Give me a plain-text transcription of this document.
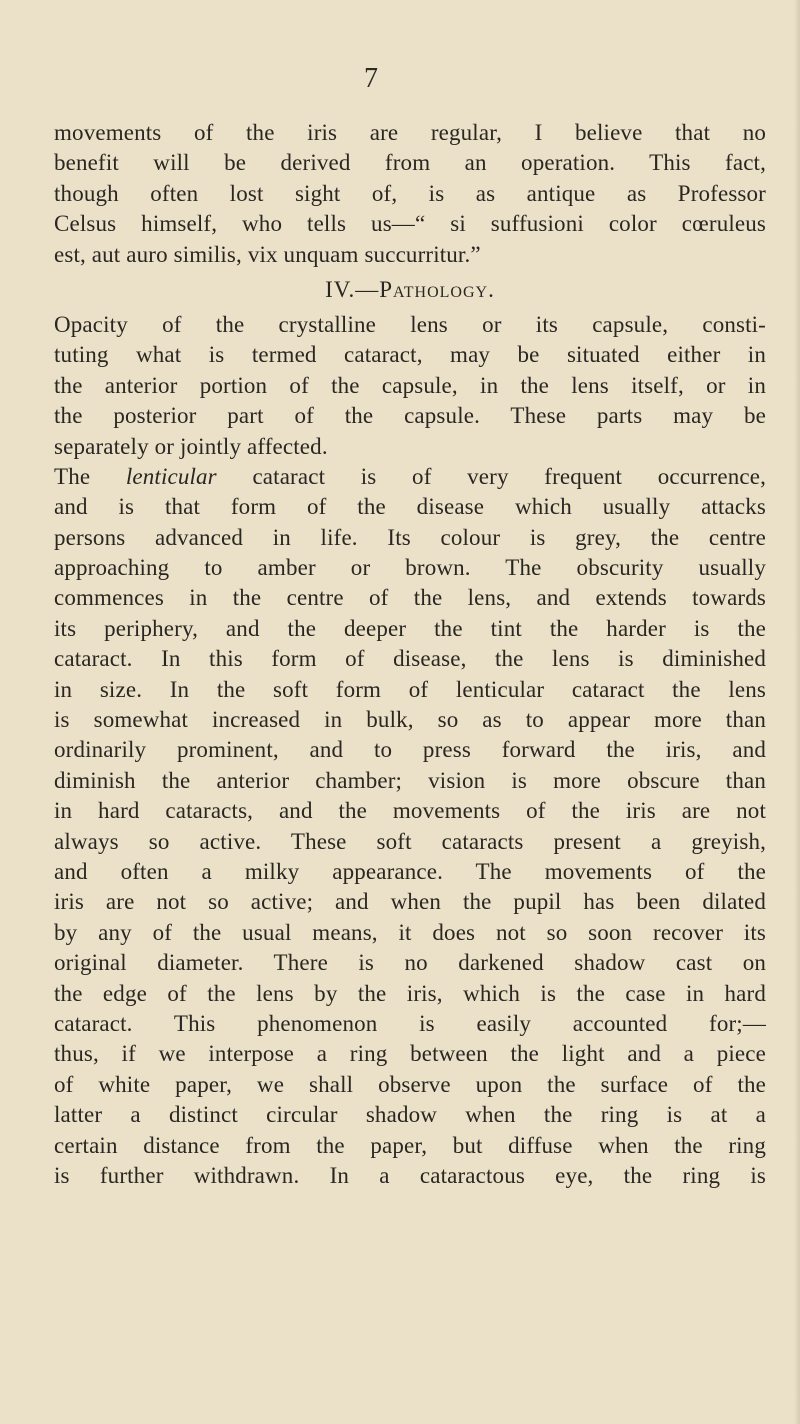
7
movements of the iris are regular, I believe that no
benefit will be derived from an operation. This fact,
though often lost sight of, is as antique as Professor
Celsus himself, who tells us—“ si suffusioni color cœruleus
est, aut auro similis, vix unquam succurritur.”
IV.—Pathology.
Opacity of the crystalline lens or its capsule, consti-
tuting what is termed cataract, may be situated either in
the anterior portion of the capsule, in the lens itself, or in
the posterior part of the capsule. These parts may be
separately or jointly affected.
The lenticular cataract is of very frequent occurrence,
and is that form of the disease which usually attacks
persons advanced in life. Its colour is grey, the centre
approaching to amber or brown. The obscurity usually
commences in the centre of the lens, and extends towards
its periphery, and the deeper the tint the harder is the
cataract. In this form of disease, the lens is diminished
in size. In the soft form of lenticular cataract the lens
is somewhat increased in bulk, so as to appear more than
ordinarily prominent, and to press forward the iris, and
diminish the anterior chamber; vision is more obscure than
in hard cataracts, and the movements of the iris are not
always so active. These soft cataracts present a greyish,
and often a milky appearance. The movements of the
iris are not so active; and when the pupil has been dilated
by any of the usual means, it does not so soon recover its
original diameter. There is no darkened shadow cast on
the edge of the lens by the iris, which is the case in hard
cataract. This phenomenon is easily accounted for;—
thus, if we interpose a ring between the light and a piece
of white paper, we shall observe upon the surface of the
latter a distinct circular shadow when the ring is at a
certain distance from the paper, but diffuse when the ring
is further withdrawn. In a cataractous eye, the ring is
